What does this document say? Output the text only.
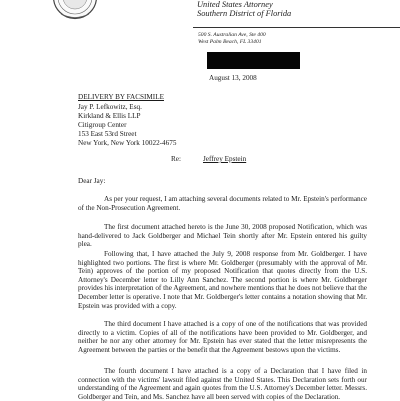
United States Attorney
Southern District of Florida
500 S. Australian Ave, Ste 400
West Palm Beach, FL 33401
August 13, 2008
DELIVERY BY FACSIMILE
Jay P. Lefkowitz, Esq.
Kirkland & Ellis LLP
Citigroup Center
153 East 53rd Street
New York, New York 10022-4675
Re:	Jeffrey Epstein
Dear Jay:

As per your request, I am attaching several documents related to Mr. Epstein's performance of the Non-Prosecution Agreement.

The first document attached hereto is the June 30, 2008 proposed Notification, which was hand-delivered to Jack Goldberger and Michael Tein shortly after Mr. Epstein entered his guilty plea.

Following that, I have attached the July 9, 2008 response from Mr. Goldberger. I have highlighted two portions. The first is where Mr. Goldberger (presumably with the approval of Mr. Tein) approves of the portion of my proposed Notification that quotes directly from the U.S. Attorney's December letter to Lilly Ann Sanchez. The second portion is where Mr. Goldberger provides his interpretation of the Agreement, and nowhere mentions that he does not believe that the December letter is operative. I note that Mr. Goldberger's letter contains a notation showing that Mr. Epstein was provided with a copy.

The third document I have attached is a copy of one of the notifications that was provided directly to a victim. Copies of all of the notifications have been provided to Mr. Goldberger, and neither he nor any other attorney for Mr. Epstein has ever stated that the letter misrepresents the Agreement between the parties or the benefit that the Agreement bestows upon the victims.

The fourth document I have attached is a copy of a Declaration that I have filed in connection with the victims' lawsuit filed against the United States. This Declaration sets forth our understanding of the Agreement and again quotes from the U.S. Attorney's December letter. Messrs. Goldberger and Tein, and Ms. Sanchez have all been served with copies of the Declaration.
